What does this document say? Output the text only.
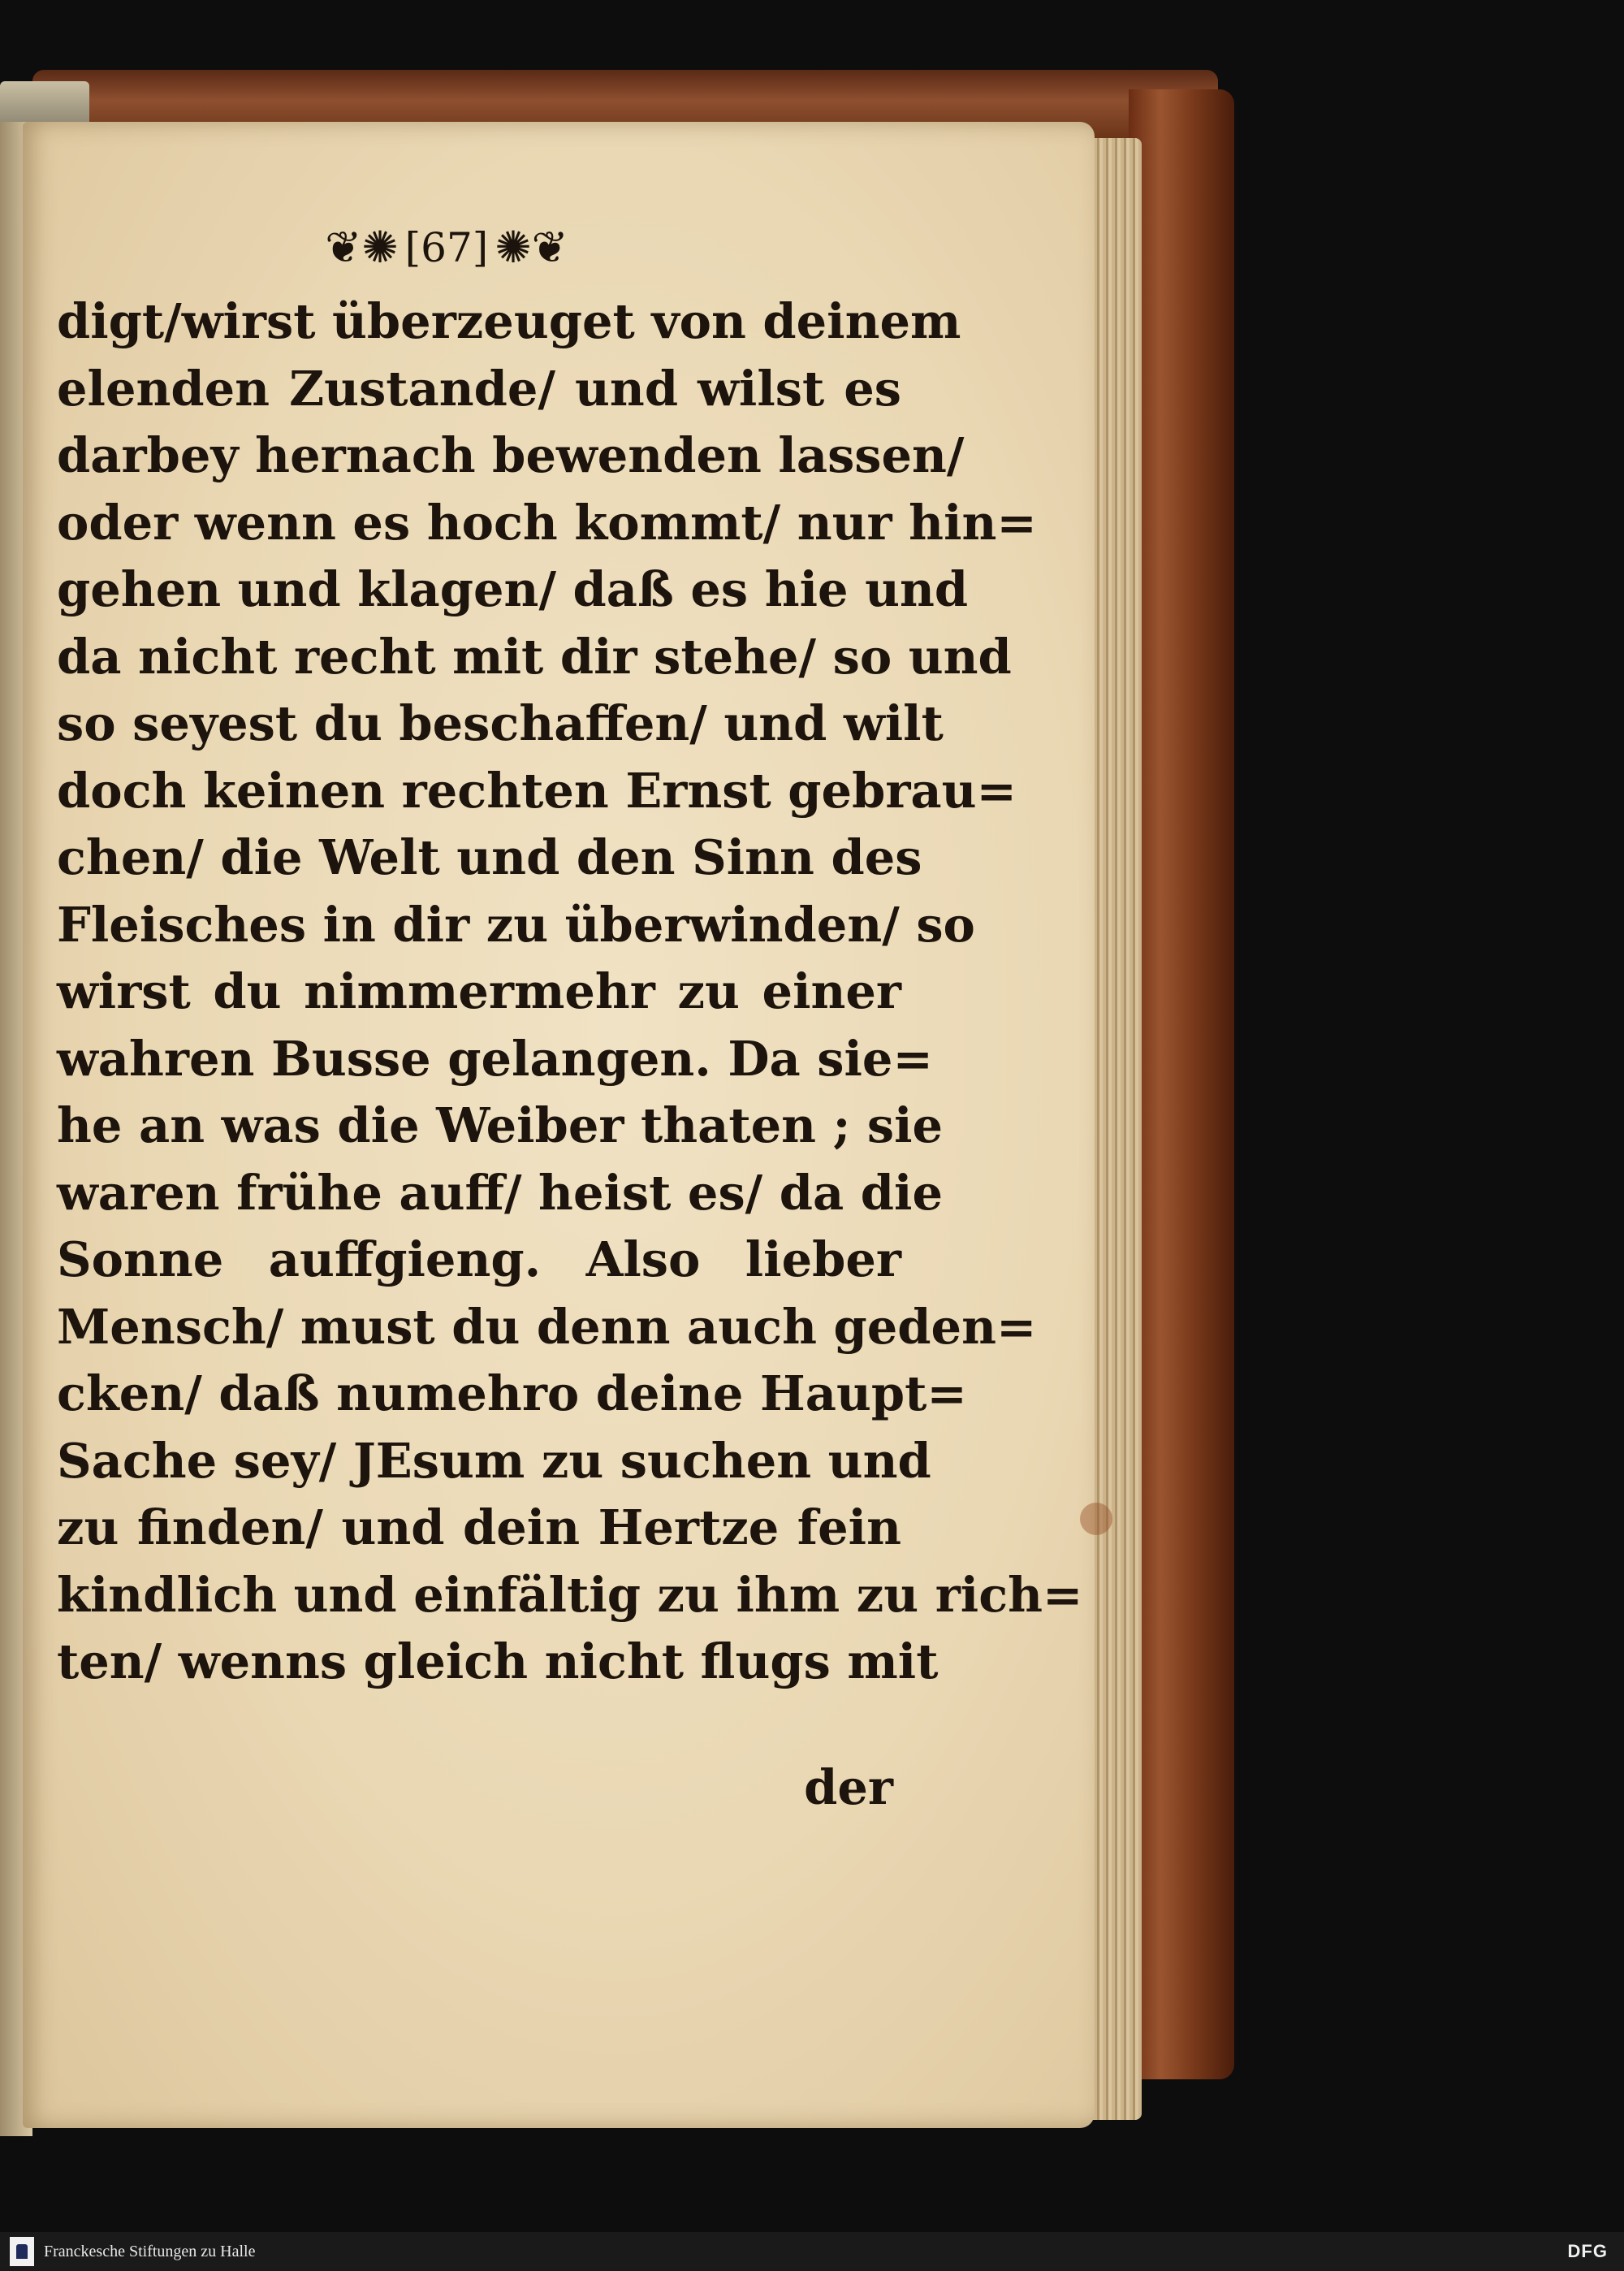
❦✺ [67] ✺❦
digt/wirst überzeuget von deinem
elenden Zustande/ und wilst es
darbey hernach bewenden lassen/
oder wenn es hoch kommt/ nur hin=
gehen und klagen/ daß es hie und
da nicht recht mit dir stehe/ so und
so seyest du beschaffen/ und wilt
doch keinen rechten Ernst gebrau=
chen/ die Welt und den Sinn des
Fleisches in dir zu überwinden/ so
wirst du nimmermehr zu einer
wahren Busse gelangen. Da sie=
he an was die Weiber thaten ; sie
waren frühe auff/ heist es/ da die
Sonne auffgieng. Also lieber
Mensch/ must du denn auch geden=
cken/ daß numehro deine Haupt=
Sache sey/ JEsum zu suchen und
zu finden/ und dein Hertze fein
kindlich und einfältig zu ihm zu rich=
ten/ wenns gleich nicht flugs mit
der
Franckesche Stiftungen zu Halle	DFG
